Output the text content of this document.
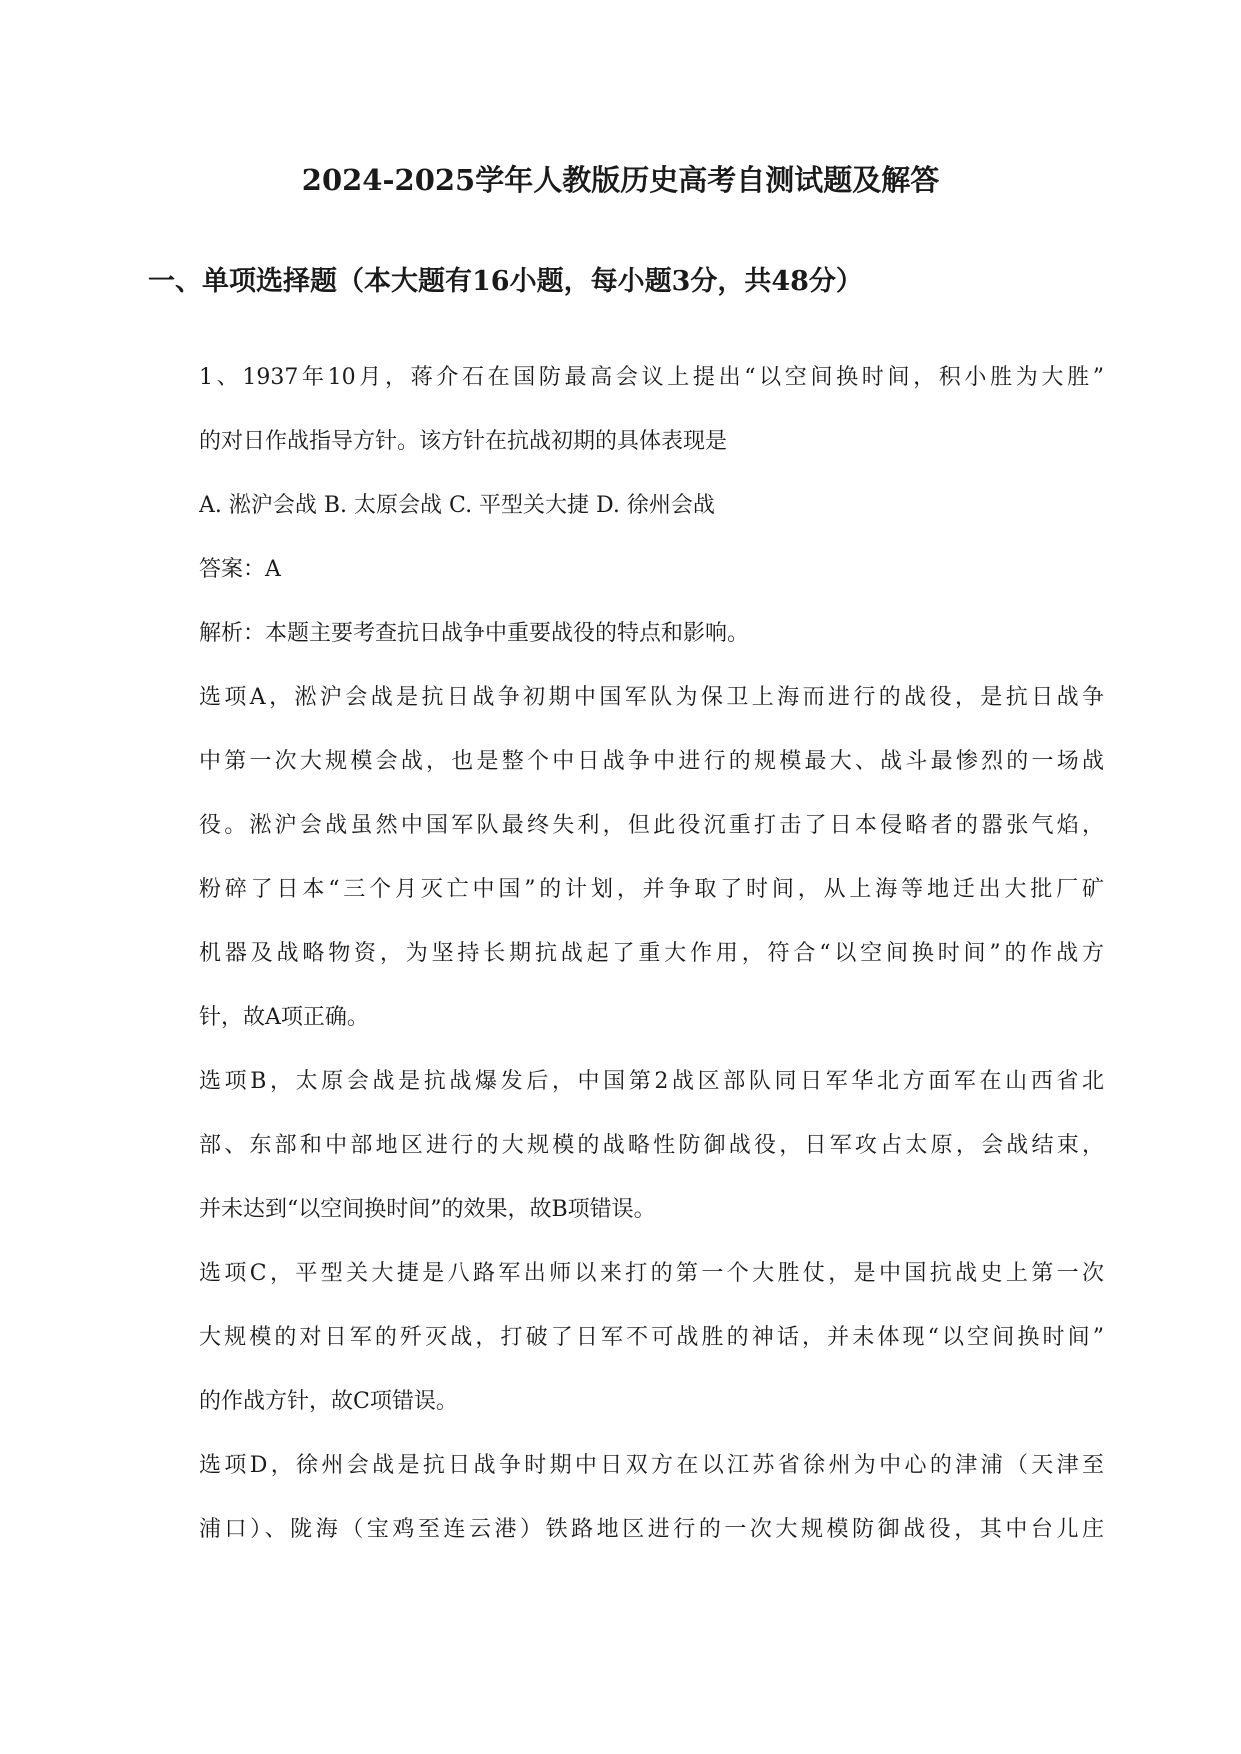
2024-2025学年人教版历史高考自测试题及解答
一、单项选择题（本大题有16小题，每小题3分，共48分）
1、1937年10月，蒋介石在国防最高会议上提出“以空间换时间，积小胜为大胜”
的对日作战指导方针。该方针在抗战初期的具体表现是
A. 淞沪会战 B. 太原会战 C. 平型关大捷 D. 徐州会战
答案：A
解析：本题主要考查抗日战争中重要战役的特点和影响。
选项A，淞沪会战是抗日战争初期中国军队为保卫上海而进行的战役，是抗日战争
中第一次大规模会战，也是整个中日战争中进行的规模最大、战斗最惨烈的一场战
役。淞沪会战虽然中国军队最终失利，但此役沉重打击了日本侵略者的嚣张气焰，
粉碎了日本“三个月灭亡中国”的计划，并争取了时间，从上海等地迁出大批厂矿
机器及战略物资，为坚持长期抗战起了重大作用，符合“以空间换时间”的作战方
针，故A项正确。
选项B，太原会战是抗战爆发后，中国第2战区部队同日军华北方面军在山西省北
部、东部和中部地区进行的大规模的战略性防御战役，日军攻占太原，会战结束，
并未达到“以空间换时间”的效果，故B项错误。
选项C，平型关大捷是八路军出师以来打的第一个大胜仗，是中国抗战史上第一次
大规模的对日军的歼灭战，打破了日军不可战胜的神话，并未体现“以空间换时间”
的作战方针，故C项错误。
选项D，徐州会战是抗日战争时期中日双方在以江苏省徐州为中心的津浦（天津至
浦口）、陇海（宝鸡至连云港）铁路地区进行的一次大规模防御战役，其中台儿庄
